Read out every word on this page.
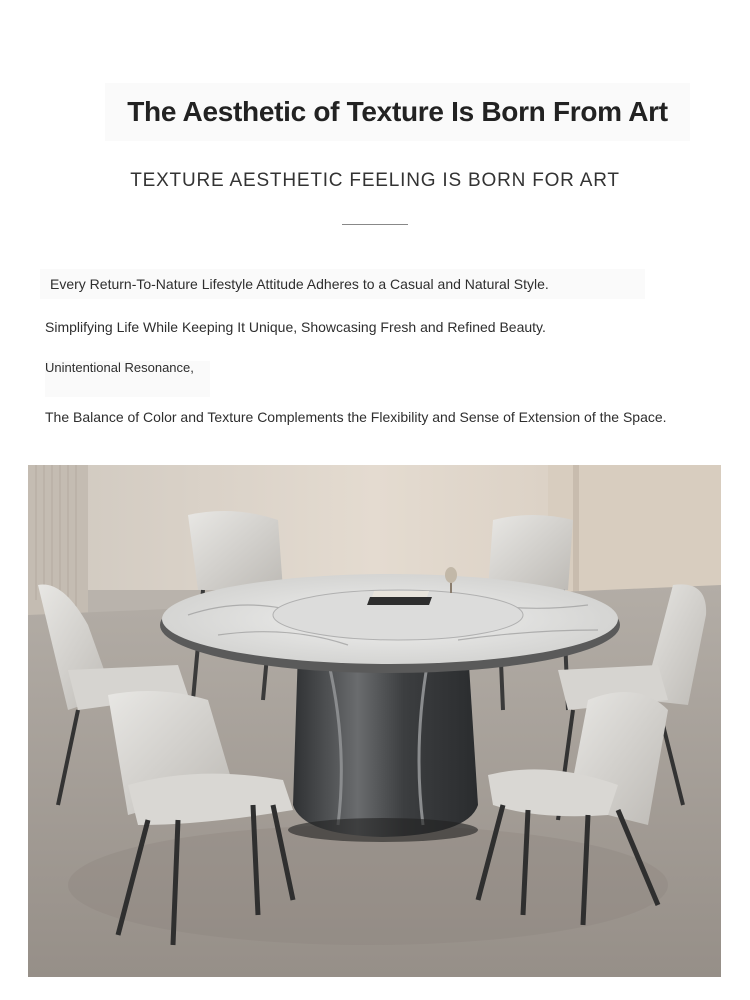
The Aesthetic of Texture Is Born From Art
TEXTURE AESTHETIC FEELING IS BORN FOR ART
Every Return-To-Nature Lifestyle Attitude Adheres to a Casual and Natural Style.
Simplifying Life While Keeping It Unique, Showcasing Fresh and Refined Beauty.
Unintentional Resonance,
The Balance of Color and Texture Complements the Flexibility and Sense of Extension of the Space.
